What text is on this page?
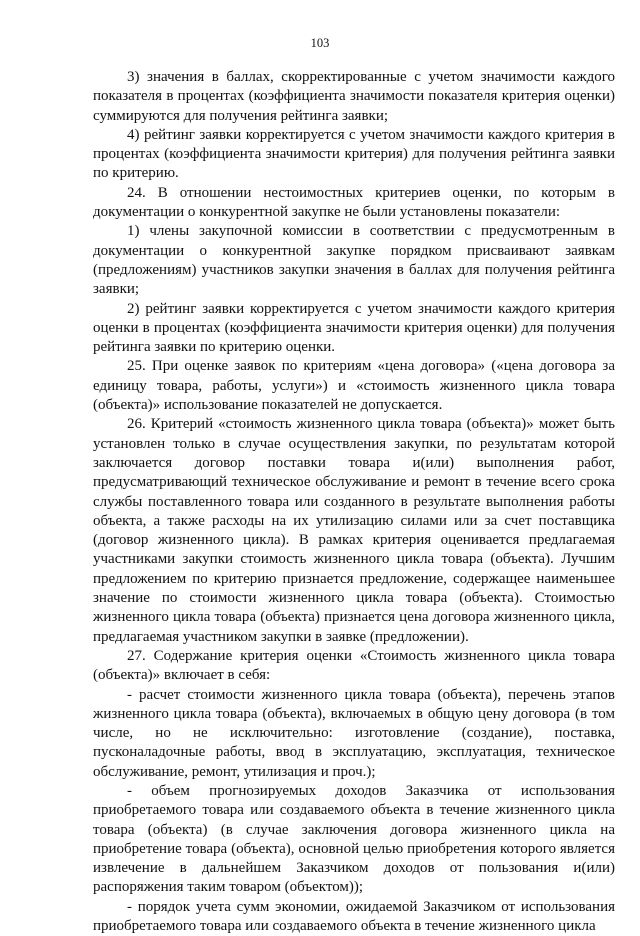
103

3) значения в баллах, скорректированные с учетом значимости каждого показателя в процентах (коэффициента значимости показателя критерия оценки) суммируются для получения рейтинга заявки;

4) рейтинг заявки корректируется с учетом значимости каждого критерия в процентах (коэффициента значимости критерия) для получения рейтинга заявки по критерию.

24. В отношении нестоимостных критериев оценки, по которым в документации о конкурентной закупке не были установлены показатели:

1) члены закупочной комиссии в соответствии с предусмотренным в документации о конкурентной закупке порядком присваивают заявкам (предложениям) участников закупки значения в баллах для получения рейтинга заявки;

2) рейтинг заявки корректируется с учетом значимости каждого критерия оценки в процентах (коэффициента значимости критерия оценки) для получения рейтинга заявки по критерию оценки.

25. При оценке заявок по критериям «цена договора» («цена договора за единицу товара, работы, услуги») и «стоимость жизненного цикла товара (объекта)» использование показателей не допускается.

26. Критерий «стоимость жизненного цикла товара (объекта)» может быть установлен только в случае осуществления закупки, по результатам которой заключается договор поставки товара и(или) выполнения работ, предусматривающий техническое обслуживание и ремонт в течение всего срока службы поставленного товара или созданного в результате выполнения работы объекта, а также расходы на их утилизацию силами или за счет поставщика (договор жизненного цикла). В рамках критерия оценивается предлагаемая участниками закупки стоимость жизненного цикла товара (объекта). Лучшим предложением по критерию признается предложение, содержащее наименьшее значение по стоимости жизненного цикла товара (объекта). Стоимостью жизненного цикла товара (объекта) признается цена договора жизненного цикла, предлагаемая участником закупки в заявке (предложении).

27. Содержание критерия оценки «Стоимость жизненного цикла товара (объекта)» включает в себя:

- расчет стоимости жизненного цикла товара (объекта), перечень этапов жизненного цикла товара (объекта), включаемых в общую цену договора (в том числе, но не исключительно: изготовление (создание), поставка, пусконаладочные работы, ввод в эксплуатацию, эксплуатация, техническое обслуживание, ремонт, утилизация и проч.);

- объем прогнозируемых доходов Заказчика от использования приобретаемого товара или создаваемого объекта в течение жизненного цикла товара (объекта) (в случае заключения договора жизненного цикла на приобретение товара (объекта), основной целью приобретения которого является извлечение в дальнейшем Заказчиком доходов от пользования и(или) распоряжения таким товаром (объектом));

- порядок учета сумм экономии, ожидаемой Заказчиком от использования приобретаемого товара или создаваемого объекта в течение жизненного цикла
